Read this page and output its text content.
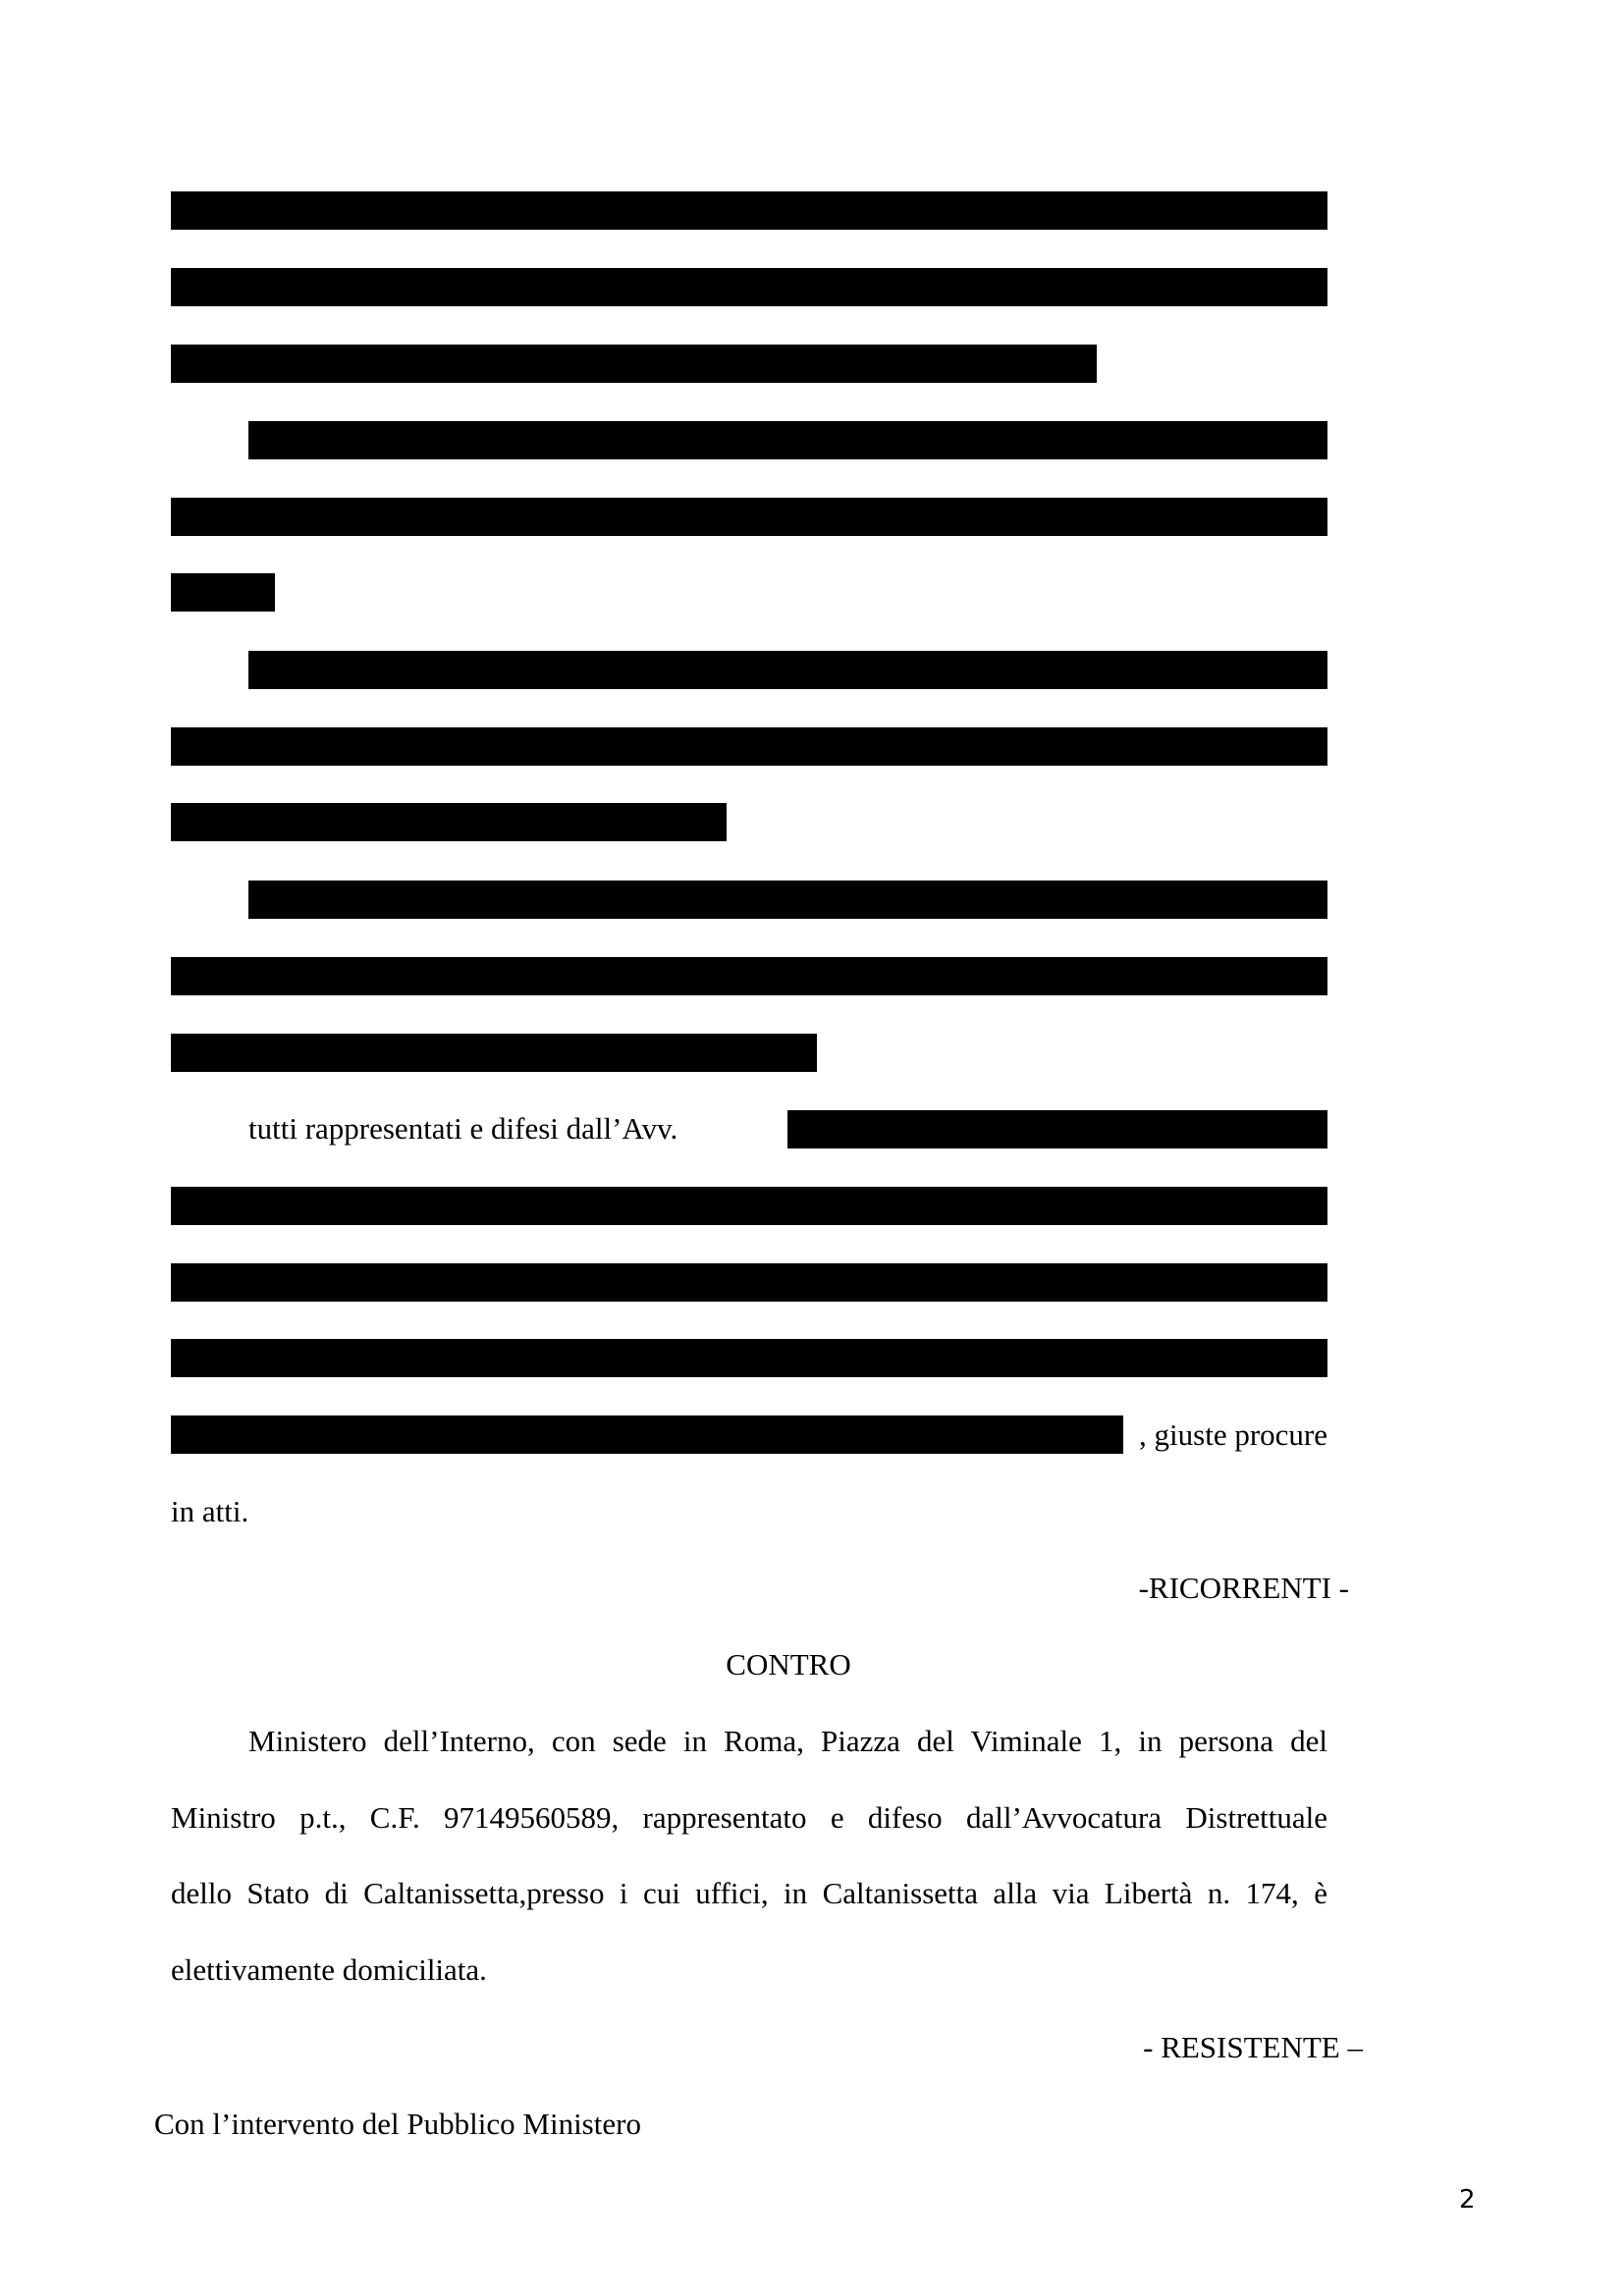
tutti rappresentati e difesi dall’Avv.
, giuste procure
in atti.
-RICORRENTI -
CONTRO
Ministero dell’Interno, con sede in Roma, Piazza del Viminale 1, in persona del
Ministro p.t., C.F. 97149560589, rappresentato e difeso dall’Avvocatura Distrettuale
dello Stato di Caltanissetta,presso i cui uffici, in Caltanissetta alla via Libertà n. 174, è
elettivamente domiciliata.
- RESISTENTE –
Con l’intervento del Pubblico Ministero
2
